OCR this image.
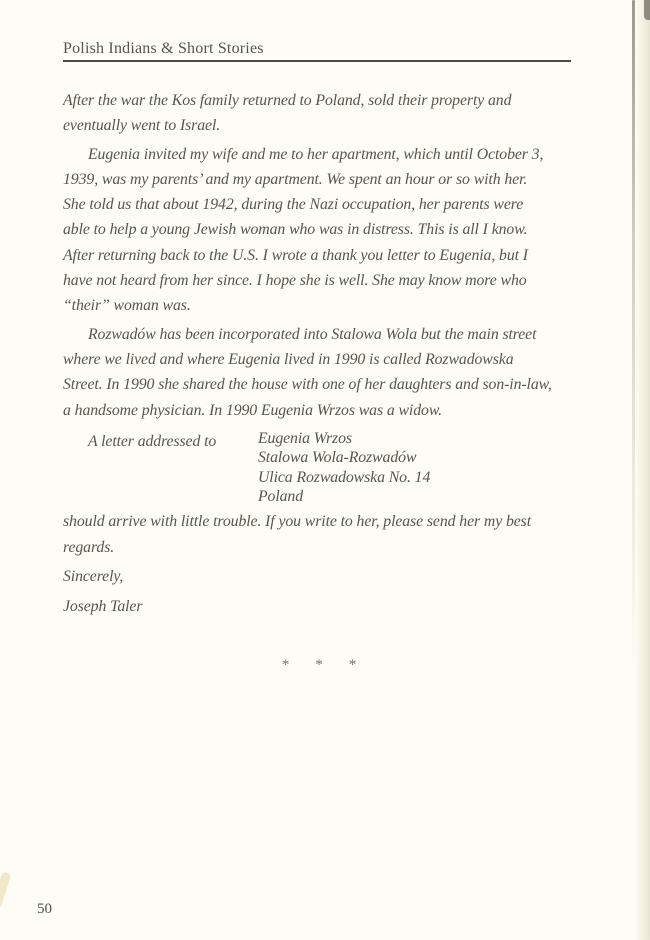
Polish Indians & Short Stories
After the war the Kos family returned to Poland, sold their property and
eventually went to Israel.
Eugenia invited my wife and me to her apartment, which until October 3,
1939, was my parents’ and my apartment. We spent an hour or so with her.
She told us that about 1942, during the Nazi occupation, her parents were
able to help a young Jewish woman who was in distress. This is all I know.
After returning back to the U.S. I wrote a thank you letter to Eugenia, but I
have not heard from her since. I hope she is well. She may know more who
“their” woman was.
Rozwadów has been incorporated into Stalowa Wola but the main street
where we lived and where Eugenia lived in 1990 is called Rozwadowska
Street. In 1990 she shared the house with one of her daughters and son-in-law,
a handsome physician. In 1990 Eugenia Wrzos was a widow.
A letter addressed to	Eugenia Wrzos
Stalowa Wola-Rozwadów
Ulica Rozwadowska No. 14
Poland
should arrive with little trouble. If you write to her, please send her my best
regards.
Sincerely,
Joseph Taler
* * *
50
